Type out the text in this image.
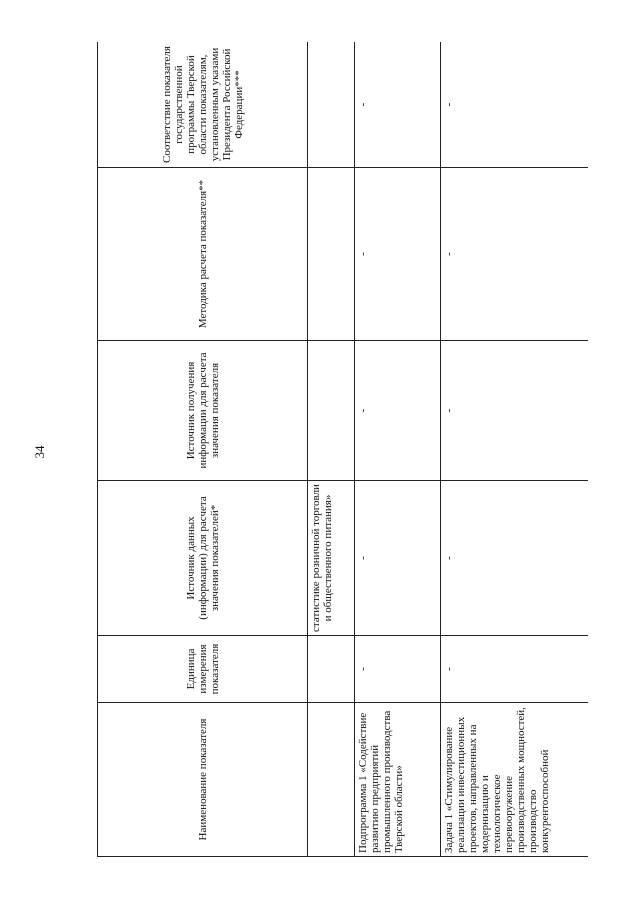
34
Наименование показателя	Единица измерения показателя	Источник данных (информации) для расчета значения показателей*	Источник получения информации для расчета значения показателя	Методика расчета показателя**	Соответствие показателя государственной программы Тверской области показателям, установленным указами Президента Российской Федерации***
		статистике розничной торговли и общественного питания»			
Подпрограмма 1 «Содействие развитию предприятий промышленного производства Тверской области»	-	-	-	-	-
Задача 1 «Стимулирование реализации инвестиционных проектов, направленных на модернизацию и технологическое перевооружение производственных мощностей, производство конкурентоспособной	-	-	-	-	-
